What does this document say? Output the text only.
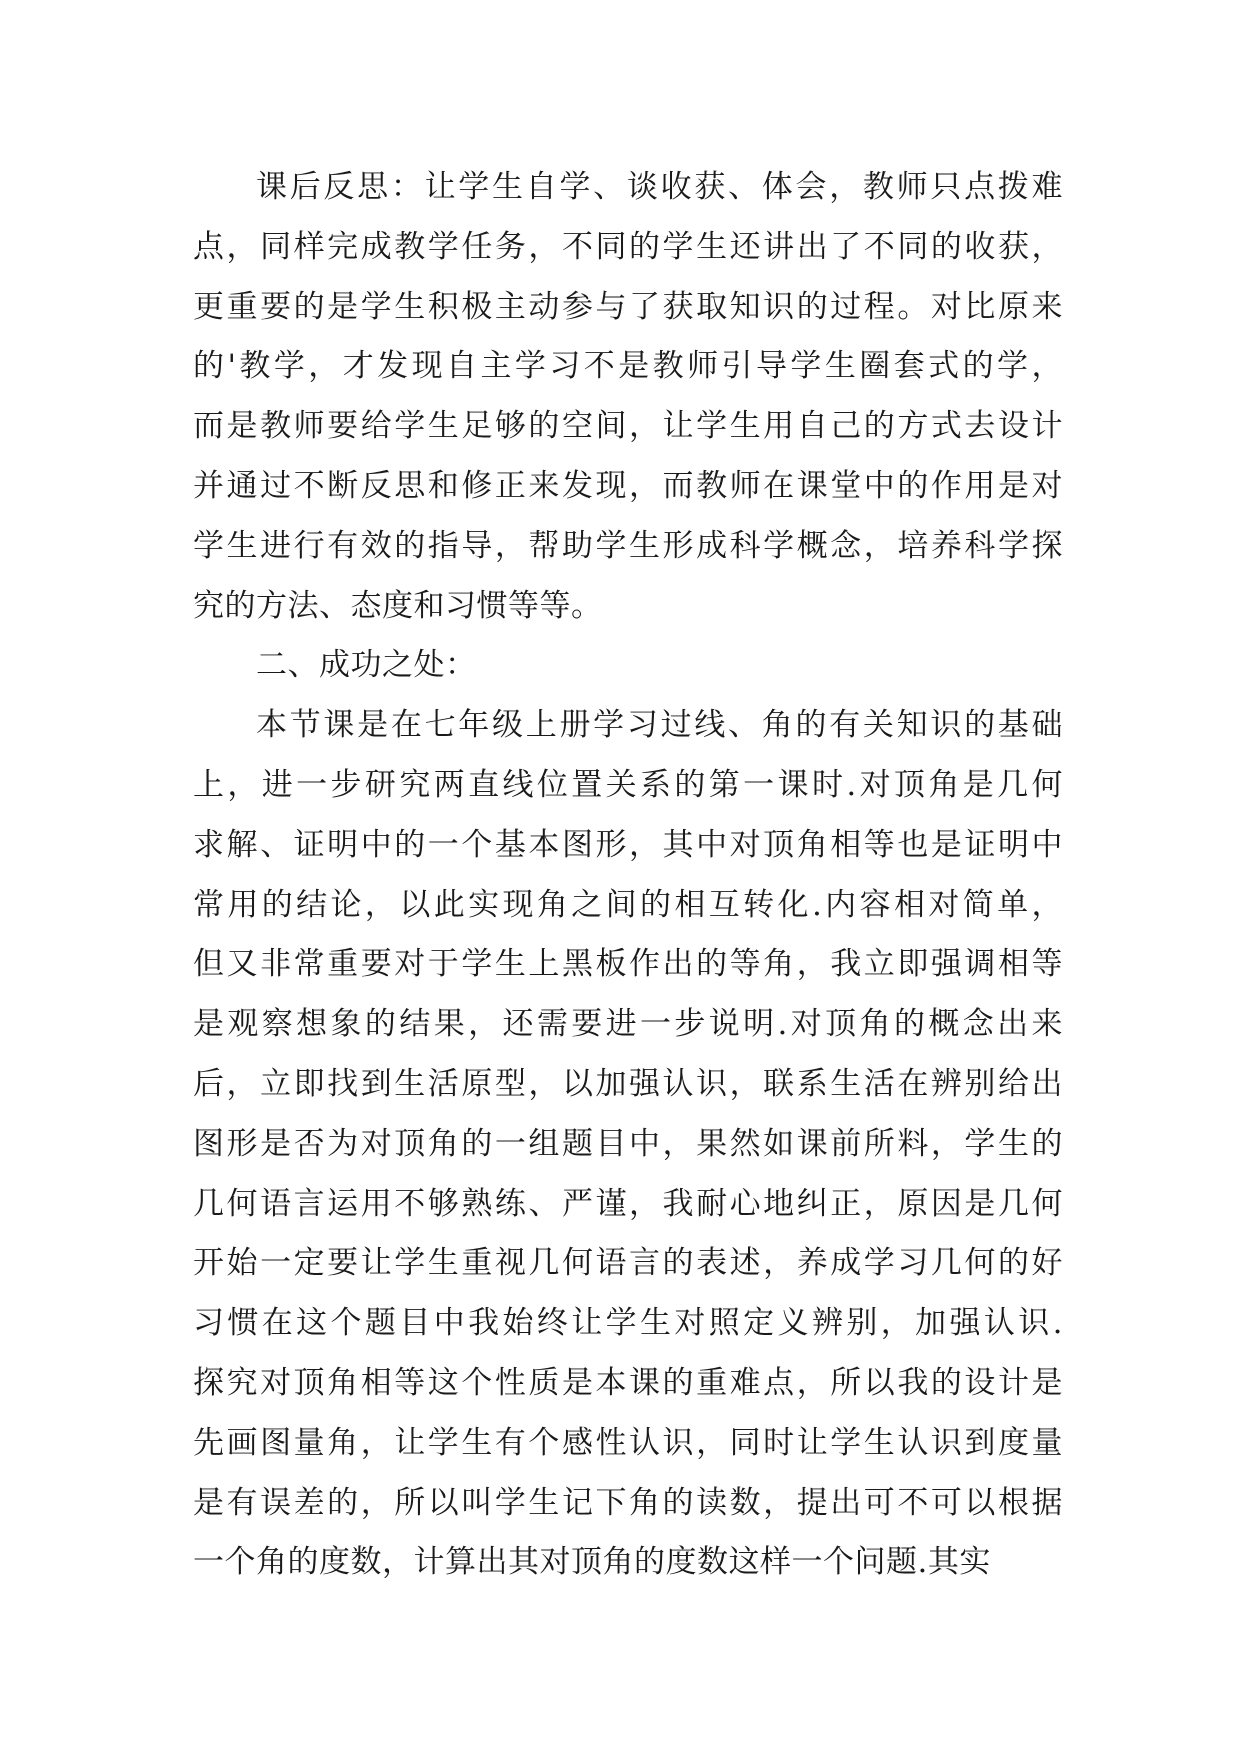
课后反思：让学生自学、谈收获、体会，教师只点拨难
点，同样完成教学任务，不同的学生还讲出了不同的收获，
更重要的是学生积极主动参与了获取知识的过程。对比原来
的'教学，才发现自主学习不是教师引导学生圈套式的学，
而是教师要给学生足够的空间，让学生用自己的方式去设计
并通过不断反思和修正来发现，而教师在课堂中的作用是对
学生进行有效的指导，帮助学生形成科学概念，培养科学探
究的方法、态度和习惯等等。
二、成功之处：
本节课是在七年级上册学习过线、角的有关知识的基础
上，进一步研究两直线位置关系的第一课时.对顶角是几何
求解、证明中的一个基本图形，其中对顶角相等也是证明中
常用的结论，以此实现角之间的相互转化.内容相对简单，
但又非常重要对于学生上黑板作出的等角，我立即强调相等
是观察想象的结果，还需要进一步说明.对顶角的概念出来
后，立即找到生活原型，以加强认识，联系生活在辨别给出
图形是否为对顶角的一组题目中，果然如课前所料，学生的
几何语言运用不够熟练、严谨，我耐心地纠正，原因是几何
开始一定要让学生重视几何语言的表述，养成学习几何的好
习惯在这个题目中我始终让学生对照定义辨别，加强认识.
探究对顶角相等这个性质是本课的重难点，所以我的设计是
先画图量角，让学生有个感性认识，同时让学生认识到度量
是有误差的，所以叫学生记下角的读数，提出可不可以根据
一个角的度数，计算出其对顶角的度数这样一个问题.其实
